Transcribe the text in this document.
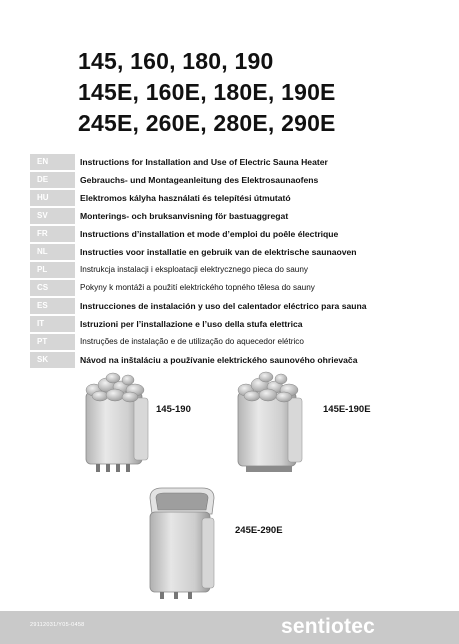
145, 160, 180, 190
145E, 160E, 180E, 190E
245E, 260E, 280E, 290E
EN	Instructions for Installation and Use of Electric Sauna Heater
DE	Gebrauchs- und Montageanleitung des Elektrosaunaofens
HU	Elektromos kályha használati és telepítési útmutató
SV	Monterings- och bruksanvisning för bastuaggregat
FR	Instructions d’installation et mode d’emploi du poêle électrique
NL	Instructies voor installatie en gebruik van de elektrische saunaoven
PL	Instrukcja instalacji i eksploatacji elektrycznego pieca do sauny
CS	Pokyny k montáži a použití elektrického topného tělesa do sauny
ES	Instrucciones de instalación y uso del calentador eléctrico para sauna
IT	Istruzioni per l’installazione e l’uso della stufa elettrica
PT	Instruções de instalação e de utilização do aquecedor elétrico
SK	Návod na inštaláciu a používanie elektrického saunového ohrievača
145-190	145E-190E
245E-290E
29112031/Y05-0458	sentiotec
